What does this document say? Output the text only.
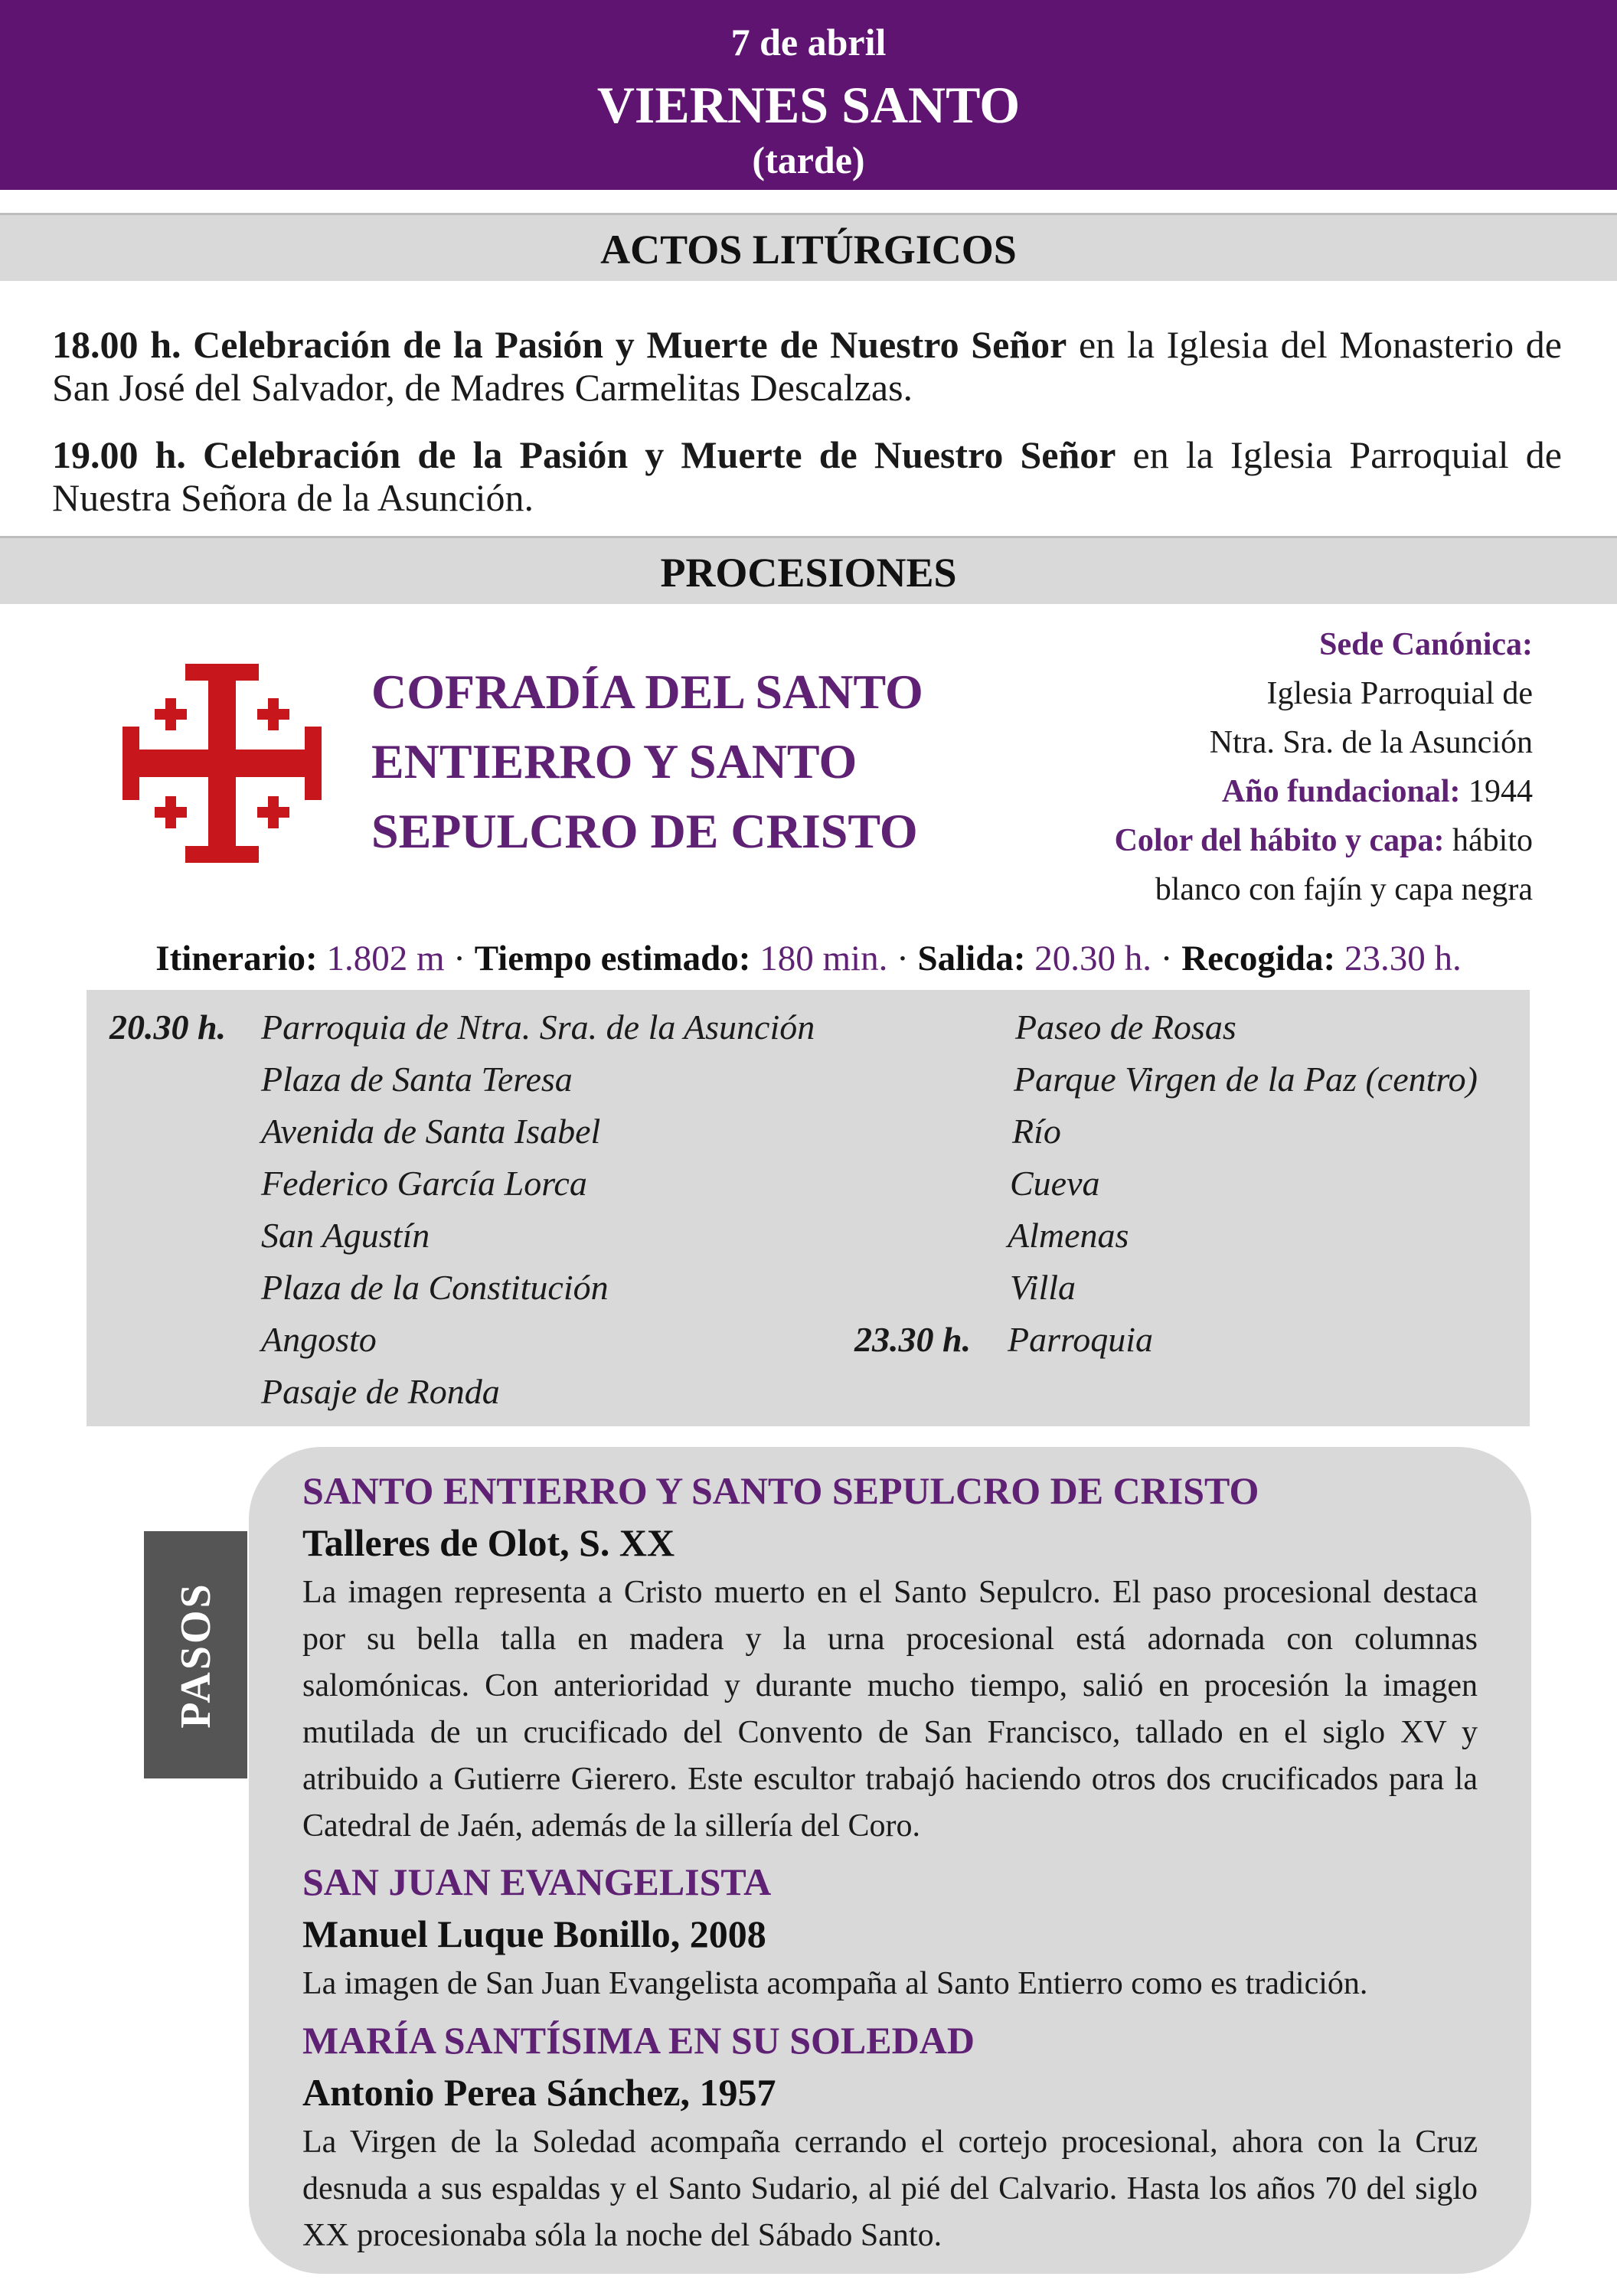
7 de abril
VIERNES SANTO
(tarde)
ACTOS LITÚRGICOS
18.00 h. Celebración de la Pasión y Muerte de Nuestro Señor en la Iglesia del Monasterio de San José del Salvador, de Madres Carmelitas Descalzas.
19.00 h. Celebración de la Pasión y Muerte de Nuestro Señor en la Iglesia Parroquial de Nuestra Señora de la Asunción.
PROCESIONES
COFRADÍA DEL SANTO
ENTIERRO Y SANTO
SEPULCRO DE CRISTO
Sede Canónica:
Iglesia Parroquial de
Ntra. Sra. de la Asunción
Año fundacional: 1944
Color del hábito y capa: hábito
blanco con fajín y capa negra
Itinerario: 1.802 m · Tiempo estimado: 180 min. · Salida: 20.30 h. · Recogida: 23.30 h.
20.30 h. Parroquia de Ntra. Sra. de la Asunción
Plaza de Santa Teresa
Avenida de Santa Isabel
Federico García Lorca
San Agustín
Plaza de la Constitución
Angosto
Pasaje de Ronda
Paseo de Rosas
Parque Virgen de la Paz (centro)
Río
Cueva
Almenas
Villa
23.30 h. Parroquia
PASOS
SANTO ENTIERRO Y SANTO SEPULCRO DE CRISTO
Talleres de Olot, S. XX
La imagen representa a Cristo muerto en el Santo Sepulcro. El paso procesional destaca por su bella talla en madera y la urna procesional está adornada con columnas salomónicas. Con anterioridad y durante mucho tiempo, salió en procesión la imagen mutilada de un crucificado del Convento de San Francisco, tallado en el siglo XV y atribuido a Gutierre Gierero. Este escultor trabajó haciendo otros dos crucificados para la Catedral de Jaén, además de la sillería del Coro.
SAN JUAN EVANGELISTA
Manuel Luque Bonillo, 2008
La imagen de San Juan Evangelista acompaña al Santo Entierro como es tradición.
MARÍA SANTÍSIMA EN SU SOLEDAD
Antonio Perea Sánchez, 1957
La Virgen de la Soledad acompaña cerrando el cortejo procesional, ahora con la Cruz desnuda a sus espaldas y el Santo Sudario, al pié del Calvario. Hasta los años 70 del siglo XX procesionaba sóla la noche del Sábado Santo.
